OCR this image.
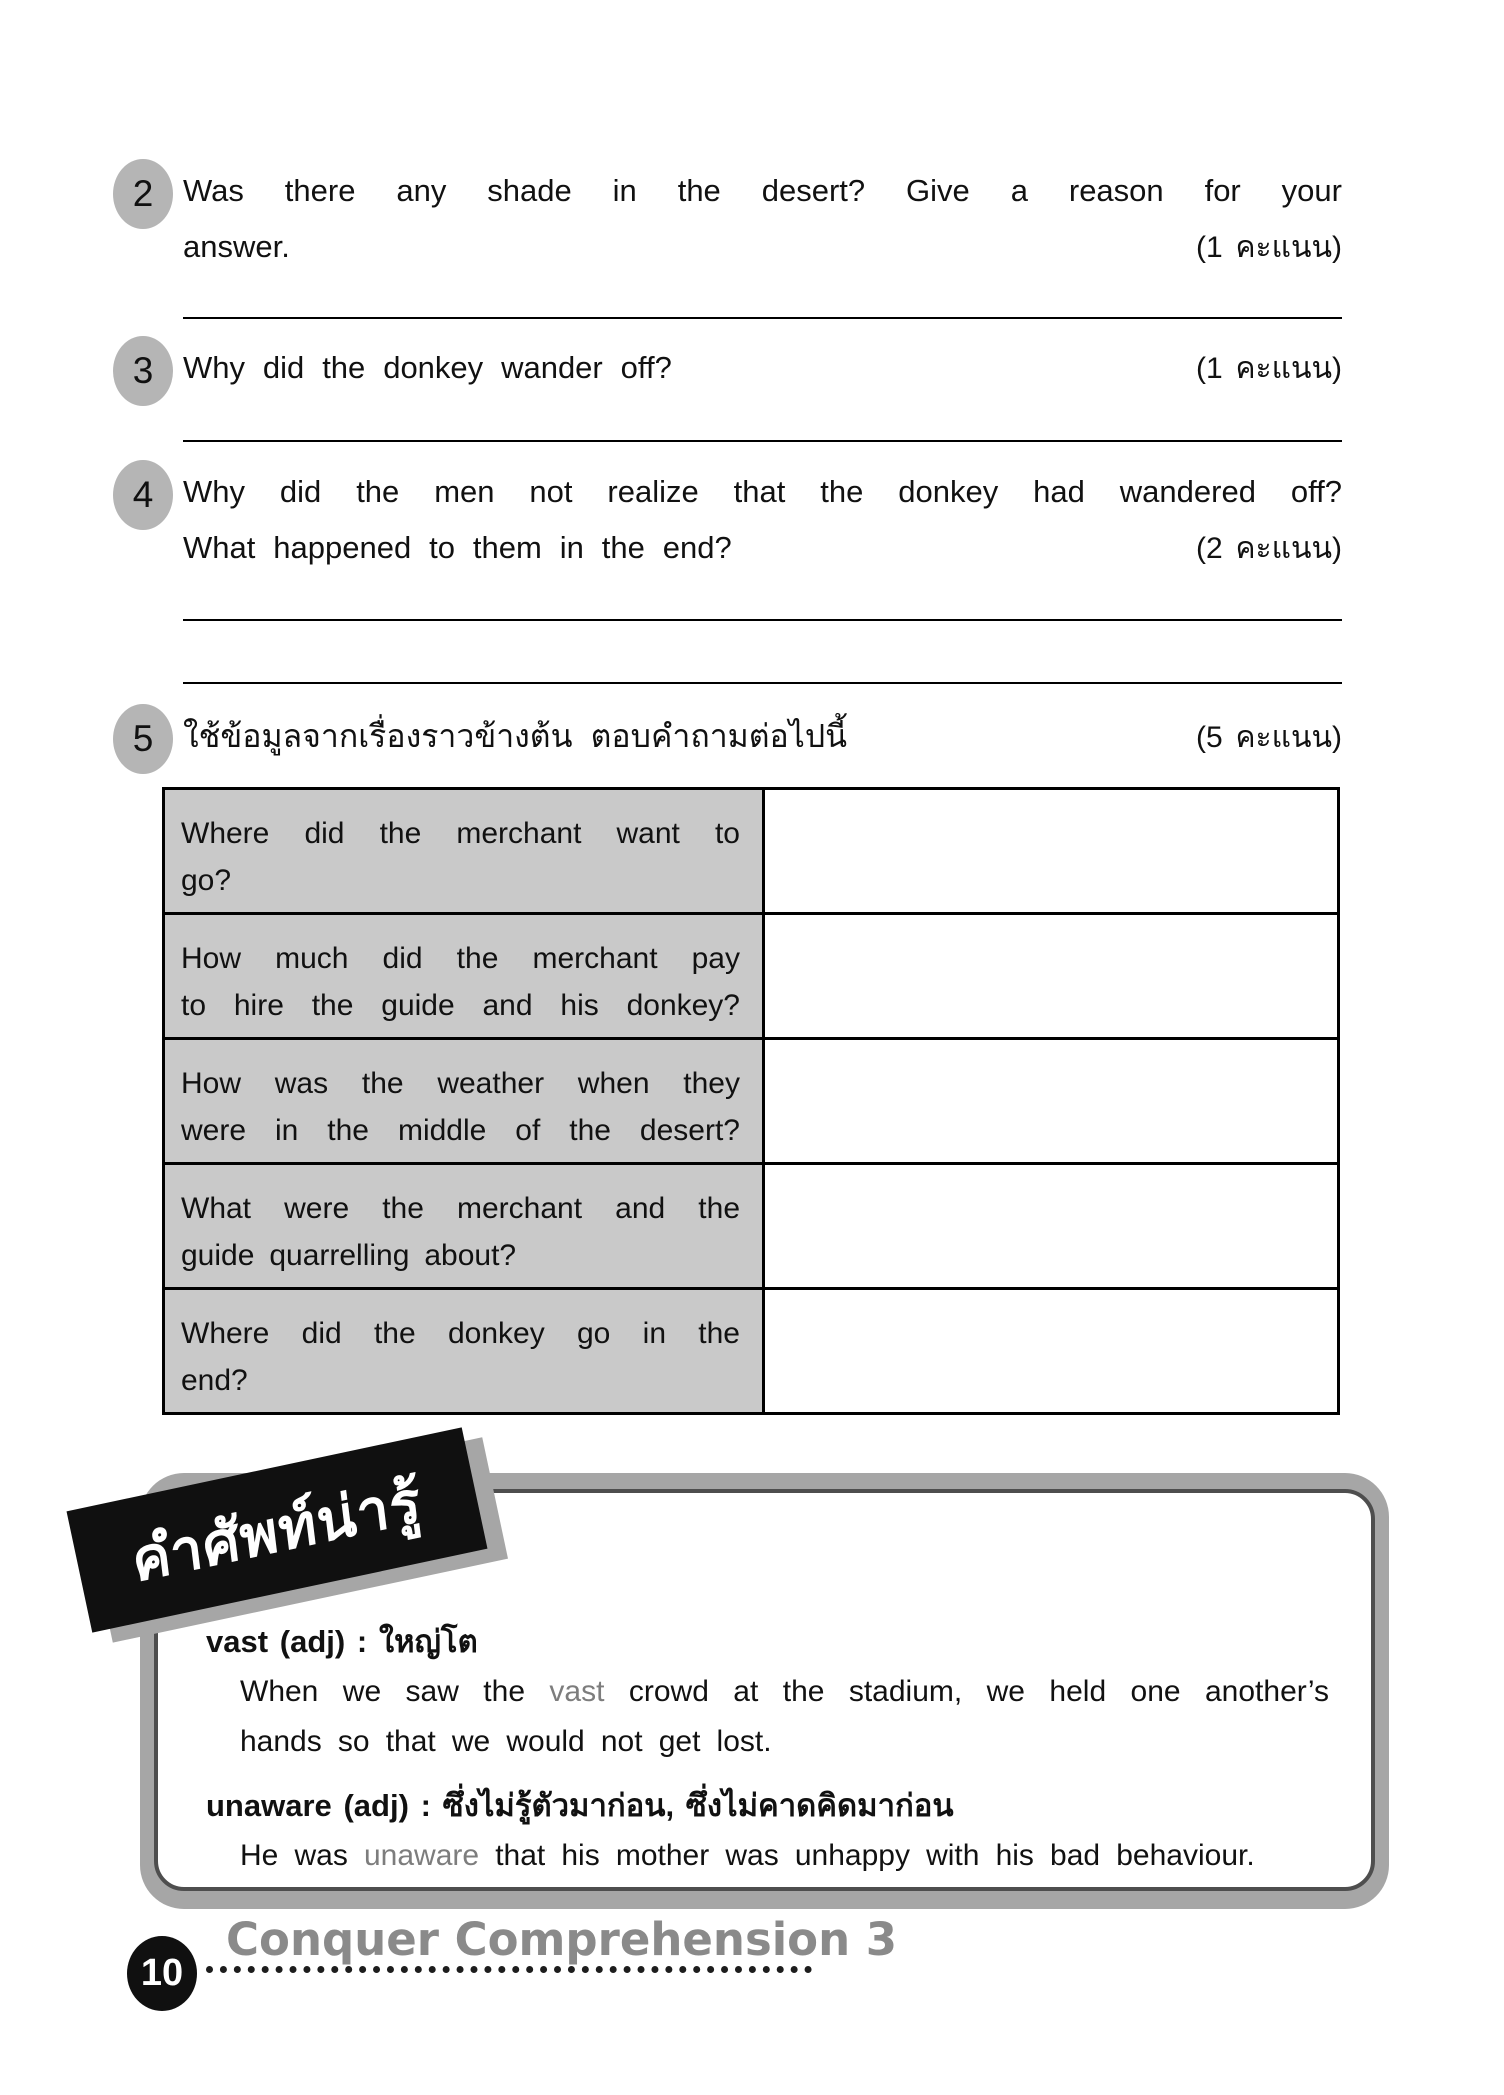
2 Was there any shade in the desert? Give a reason for your
answer.	(1 คะแนน)
3 Why did the donkey wander off?	(1 คะแนน)
4 Why did the men not realize that the donkey had wandered off?
What happened to them in the end?	(2 คะแนน)
5 ใช้ข้อมูลจากเรื่องราวข้างต้น ตอบคำถามต่อไปนี้	(5 คะแนน)
Where did the merchant want to
go?	

How much did the merchant pay
to hire the guide and his donkey?	

How was the weather when they
were in the middle of the desert?	

What were the merchant and the
guide quarrelling about?	

Where did the donkey go in the
end?	

vast (adj) : ใหญ่โต
When we saw the vast crowd at the stadium, we held one another’s
hands so that we would not get lost.
unaware (adj) : ซึ่งไม่รู้ตัวมาก่อน, ซึ่งไม่คาดคิดมาก่อน
He was unaware that his mother was unhappy with his bad behaviour.
คำศัพท์น่ารู้
10
Conquer Comprehension 3
